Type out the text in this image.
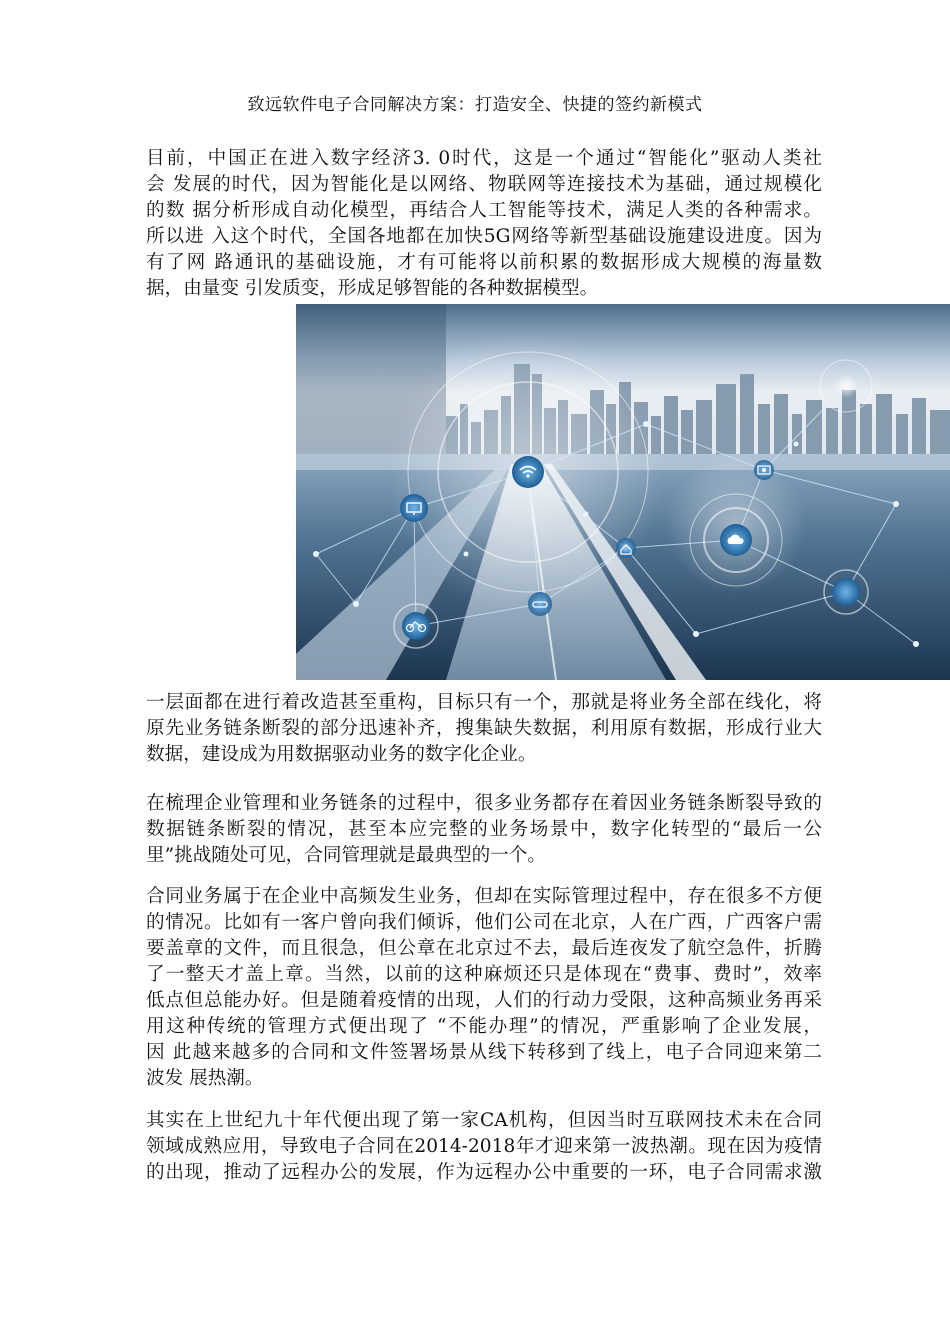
致远软件电子合同解决方案：打造安全、快捷的签约新模式
目前，中国正在进入数字经济3. 0时代，这是一个通过“智能化”驱动人类社
会 发展的时代，因为智能化是以网络、物联网等连接技术为基础，通过规模化
的数 据分析形成自动化模型，再结合人工智能等技术，满足人类的各种需求。
所以进 入这个时代，全国各地都在加快5G网络等新型基础设施建设进度。因为
有了网 路通讯的基础设施，才有可能将以前积累的数据形成大规模的海量数
据，由量变 引发质变，形成足够智能的各种数据模型。
一层面都在进行着改造甚至重构，目标只有一个，那就是将业务全部在线化，将
原先业务链条断裂的部分迅速补齐，搜集缺失数据，利用原有数据，形成行业大
数据，建设成为用数据驱动业务的数字化企业。
在梳理企业管理和业务链条的过程中，很多业务都存在着因业务链条断裂导致的
数据链条断裂的情况，甚至本应完整的业务场景中，数字化转型的“最后一公
里”挑战随处可见，合同管理就是最典型的一个。
合同业务属于在企业中高频发生业务，但却在实际管理过程中，存在很多不方便
的情况。比如有一客户曾向我们倾诉，他们公司在北京，人在广西，广西客户需
要盖章的文件，而且很急，但公章在北京过不去，最后连夜发了航空急件，折腾
了一整天才盖上章。当然，以前的这种麻烦还只是体现在“费事、费时”，效率
低点但总能办好。但是随着疫情的出现，人们的行动力受限，这种高频业务再采
用这种传统的管理方式便出现了 “不能办理”的情况，严重影响了企业发展，
因 此越来越多的合同和文件签署场景从线下转移到了线上，电子合同迎来第二
波发 展热潮。
其实在上世纪九十年代便出现了第一家CA机构，但因当时互联网技术未在合同
领域成熟应用，导致电子合同在2014-2018年才迎来第一波热潮。现在因为疫情
的出现，推动了远程办公的发展，作为远程办公中重要的一环，电子合同需求激
